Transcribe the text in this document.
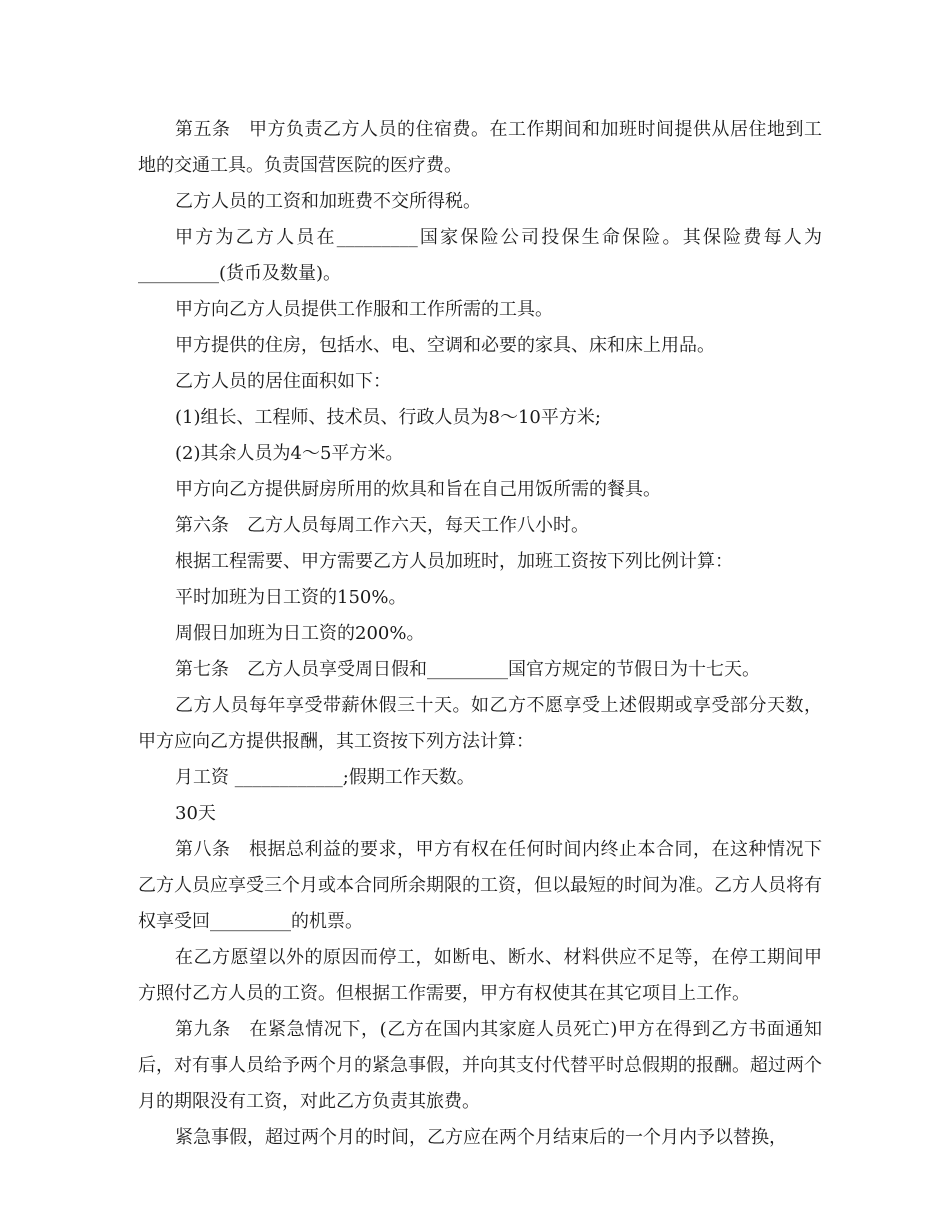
第五条　甲方负责乙方人员的住宿费。在工作期间和加班时间提供从居住地到工地的交通工具。负责国营医院的医疗费。

乙方人员的工资和加班费不交所得税。

甲方为乙方人员在_________国家保险公司投保生命保险。其保险费每人为_________(货币及数量)。

甲方向乙方人员提供工作服和工作所需的工具。

甲方提供的住房，包括水、电、空调和必要的家具、床和床上用品。

乙方人员的居住面积如下：

(1)组长、工程师、技术员、行政人员为8～10平方米;

(2)其余人员为4～5平方米。

甲方向乙方提供厨房所用的炊具和旨在自己用饭所需的餐具。

第六条　乙方人员每周工作六天，每天工作八小时。

根据工程需要、甲方需要乙方人员加班时，加班工资按下列比例计算：

平时加班为日工资的150%。

周假日加班为日工资的200%。

第七条　乙方人员享受周日假和_________国官方规定的节假日为十七天。

乙方人员每年享受带薪休假三十天。如乙方不愿享受上述假期或享受部分天数，甲方应向乙方提供报酬，其工资按下列方法计算：

月工资 ____________;假期工作天数。

30天

第八条　根据总利益的要求，甲方有权在任何时间内终止本合同，在这种情况下乙方人员应享受三个月或本合同所余期限的工资，但以最短的时间为准。乙方人员将有权享受回_________的机票。

在乙方愿望以外的原因而停工，如断电、断水、材料供应不足等，在停工期间甲方照付乙方人员的工资。但根据工作需要，甲方有权使其在其它项目上工作。

第九条　在紧急情况下，(乙方在国内其家庭人员死亡)甲方在得到乙方书面通知后，对有事人员给予两个月的紧急事假，并向其支付代替平时总假期的报酬。超过两个月的期限没有工资，对此乙方负责其旅费。

紧急事假，超过两个月的时间，乙方应在两个月结束后的一个月内予以替换，
